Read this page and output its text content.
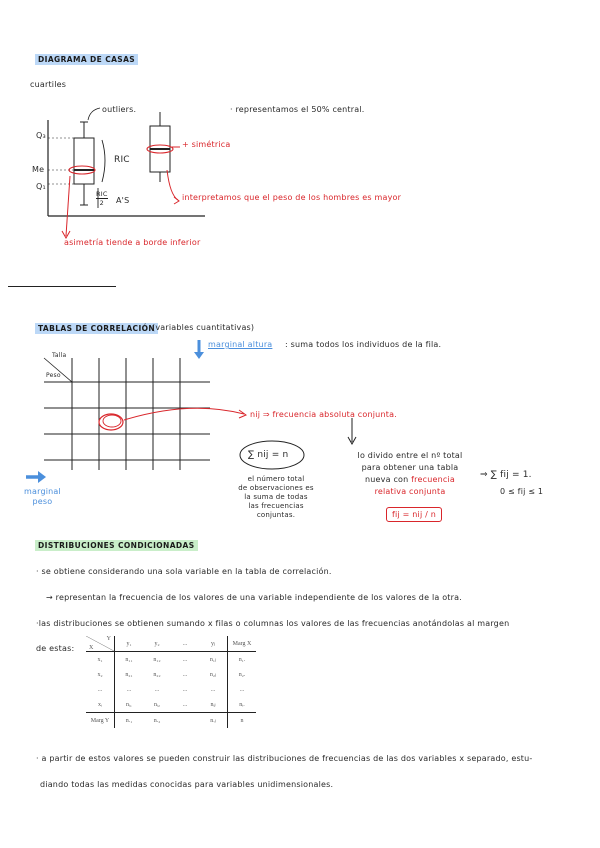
DIAGRAMA DE CASAS
cuartiles
outliers.	· representamos el 50% central.
Q₃
Me
Q₁
RIC
RIC
2	A'S
+ simétrica
interpretamos que el peso de los hombres es mayor
asimetría tiende a borde inferior
TABLAS DE CORRELACIÓN
(variables cuantitativas)
marginal altura : suma todos los individuos de la fila.
Talla
Peso
nij ⇒ frecuencia absoluta conjunta.
∑ nij = n
el número total
de observaciones es
la suma de todas
las frecuencias
conjuntas.
lo divido entre el nº total
para obtener una tabla
nueva con frecuencia
relativa conjunta
fij = nij / n
⇒ ∑ fij = 1.
0 ≤ fij ≤ 1
marginal
peso
DISTRIBUCIONES CONDICIONADAS
· se obtiene considerando una sola variable en la tabla de correlación.
→ representan la frecuencia de los valores de una variable independiente de los valores de la otra.
·las distribuciones se obtienen sumando x filas o columnas los valores de las frecuencias anotándolas al margen
de estas:
Y
X	y₁	y₂	...	yⱼ	Marg X
x₁	n₁₁	n₁₂	...	n₁ⱼ	n₁.
x₂	n₂₁	n₂₂	...	n₂ⱼ	n₂.
...	...	...	...	...	...
xᵢ	nᵢ₁	nᵢ₂	...	nᵢⱼ	nᵢ.
Marg Y	n.₁	n.₂		n.ⱼ	n
· a partir de estos valores se pueden construir las distribuciones de frecuencias de las dos variables x separado, estu-
diando todas las medidas conocidas para variables unidimensionales.
